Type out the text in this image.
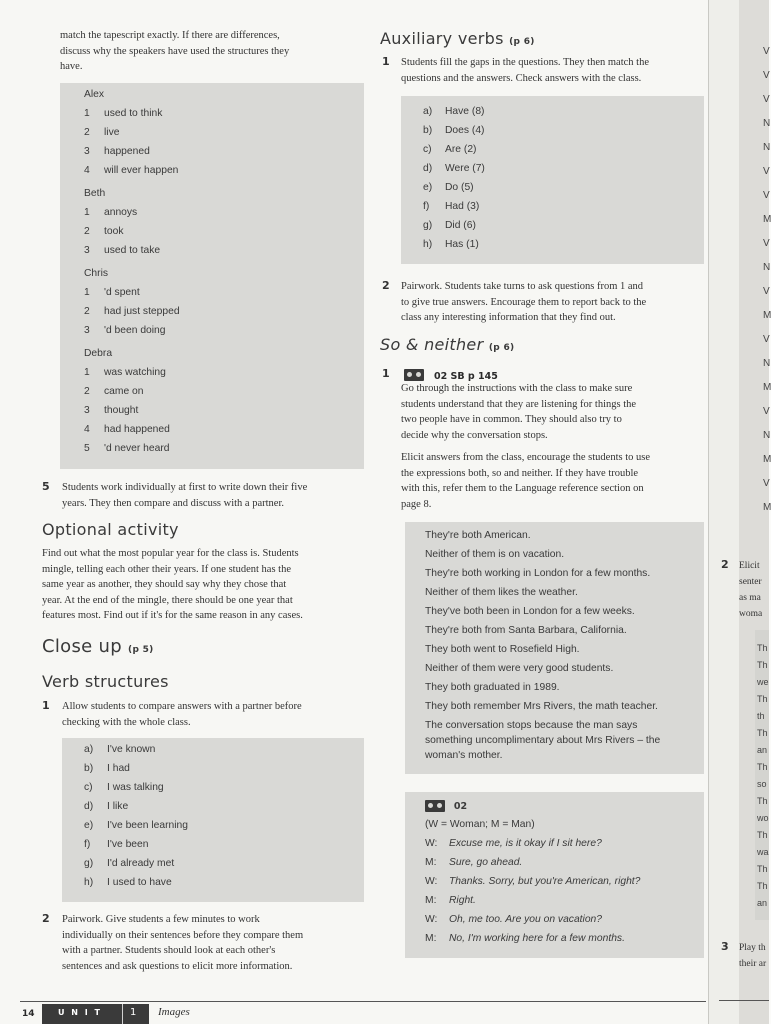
match the tapescript exactly. If there are differences,
discuss why the speakers have used the structures they
have.
Alex
1 used to think
2 live
3 happened
4 will ever happen
Beth
1 annoys
2 took
3 used to take
Chris
1 'd spent
2 had just stepped
3 'd been doing
Debra
1 was watching
2 came on
3 thought
4 had happened
5 'd never heard
5 Students work individually at first to write down their five
years. They then compare and discuss with a partner.
Optional activity
Find out what the most popular year for the class is. Students
mingle, telling each other their years. If one student has the
same year as another, they should say why they chose that
year. At the end of the mingle, there should be one year that
features most. Find out if it's for the same reason in any cases.
Close up (p 5)
Verb structures
1 Allow students to compare answers with a partner before
checking with the whole class.
a) I've known
b) I had
c) I was talking
d) I like
e) I've been learning
f) I've been
g) I'd already met
h) I used to have
2 Pairwork. Give students a few minutes to work
individually on their sentences before they compare them
with a partner. Students should look at each other's
sentences and ask questions to elicit more information.
Auxiliary verbs (p 6)
1 Students fill the gaps in the questions. They then match the
questions and the answers. Check answers with the class.
a) Have (8)
b) Does (4)
c) Are (2)
d) Were (7)
e) Do (5)
f) Had (3)
g) Did (6)
h) Has (1)
2 Pairwork. Students take turns to ask questions from 1 and
to give true answers. Encourage them to report back to the
class any interesting information that they find out.
So & neither (p 6)
1	02 SB p 145
Go through the instructions with the class to make sure
students understand that they are listening for things the
two people have in common. They should also try to
decide why the conversation stops.
Elicit answers from the class, encourage the students to use
the expressions both, so and neither. If they have trouble
with this, refer them to the Language reference section on
page 8.
They're both American.
Neither of them is on vacation.
They're both working in London for a few months.
Neither of them likes the weather.
They've both been in London for a few weeks.
They're both from Santa Barbara, California.
They both went to Rosefield High.
Neither of them were very good students.
They both graduated in 1989.
They both remember Mrs Rivers, the math teacher.
The conversation stops because the man says
something uncomplimentary about Mrs Rivers – the
woman's mother.
02
(W = Woman; M = Man)
W: Excuse me, is it okay if I sit here?
M: Sure, go ahead.
W: Thanks. Sorry, but you're American, right?
M: Right.
W: Oh, me too. Are you on vacation?
M: No, I'm working here for a few months.
14	U N I T	1 Images
V
V
V
N
N
V
V
M
V
N
V
M
V
N
M
V
N
M
V
M
2 Elicit
senter
as ma
woma
Th
Th
we
Th
th
Th
an
Th
so
Th
wo
Th
wa
Th
Th
an
3 Play th
their ar
